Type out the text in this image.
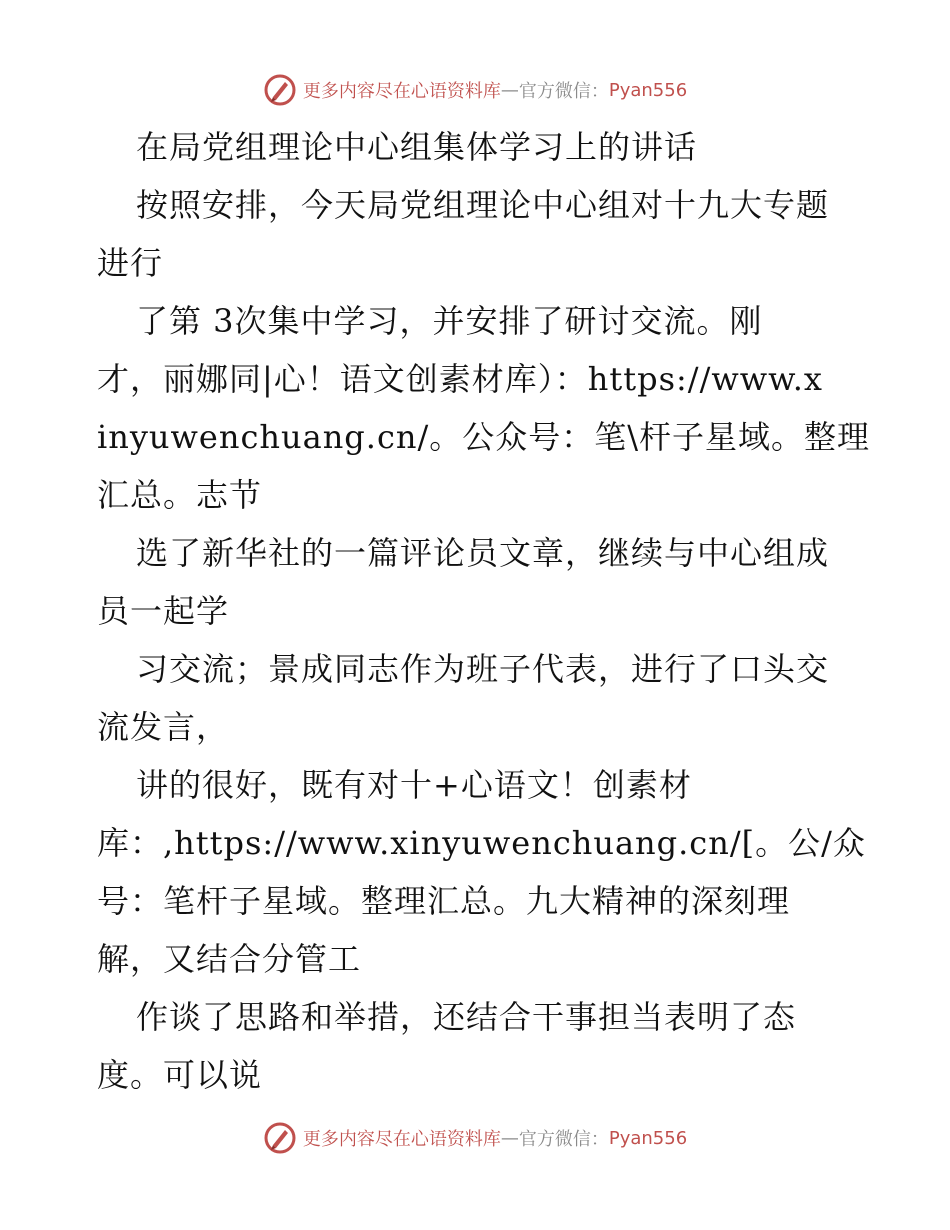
更多内容尽在心语资料库 — 官方微信： Pyan556
在局党组理论中心组集体学习上的讲话
按照安排，今天局党组理论中心组对十九大专题
进行
了第 3次集中学习，并安排了研讨交流。刚
才，丽娜同|心！语文创素材库）：https://www.x
inyuwenchuang.cn/。公众号：笔\杆子星域。整理
汇总。志节
选了新华社的一篇评论员文章，继续与中心组成
员一起学
习交流；景成同志作为班子代表，进行了口头交
流发言，
讲的很好，既有对十+心语文！创素材
库：,https://www.xinyuwenchuang.cn/[。公/众
号：笔杆子星域。整理汇总。九大精神的深刻理
解，又结合分管工
作谈了思路和举措，还结合干事担当表明了态
度。可以说
更多内容尽在心语资料库 — 官方微信： Pyan556
